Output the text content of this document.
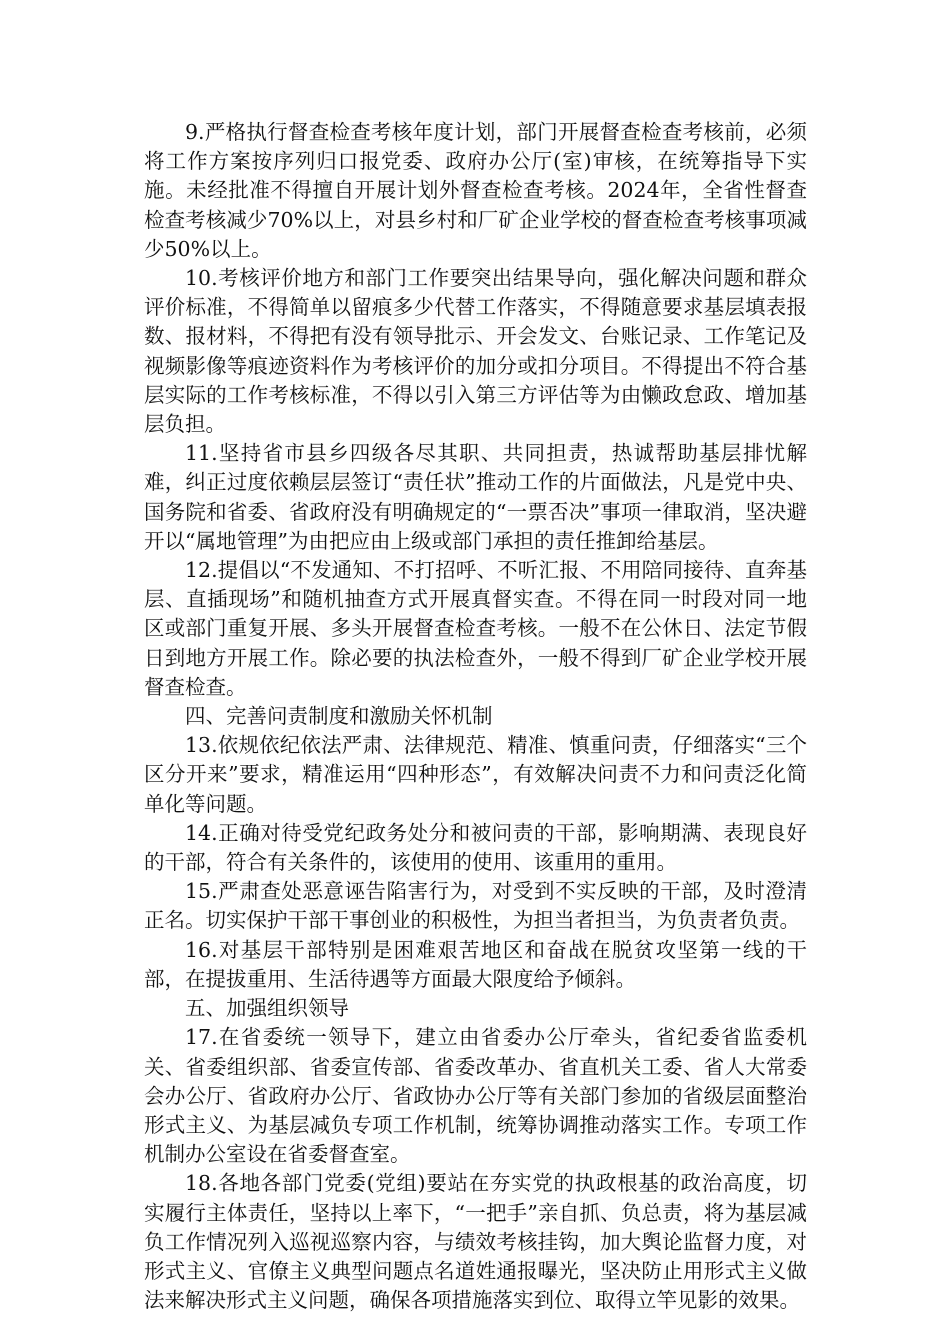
9.严格执行督查检查考核年度计划，部门开展督查检查考核前，必须将工作方案按序列归口报党委、政府办公厅(室)审核，在统筹指导下实施。未经批准不得擅自开展计划外督查检查考核。2024年，全省性督查检查考核减少70%以上，对县乡村和厂矿企业学校的督查检查考核事项减少50%以上。

10.考核评价地方和部门工作要突出结果导向，强化解决问题和群众评价标准，不得简单以留痕多少代替工作落实，不得随意要求基层填表报数、报材料，不得把有没有领导批示、开会发文、台账记录、工作笔记及视频影像等痕迹资料作为考核评价的加分或扣分项目。不得提出不符合基层实际的工作考核标准，不得以引入第三方评估等为由懒政怠政、增加基层负担。

11.坚持省市县乡四级各尽其职、共同担责，热诚帮助基层排忧解难，纠正过度依赖层层签订“责任状”推动工作的片面做法，凡是党中央、国务院和省委、省政府没有明确规定的“一票否决”事项一律取消，坚决避开以“属地管理”为由把应由上级或部门承担的责任推卸给基层。

12.提倡以“不发通知、不打招呼、不听汇报、不用陪同接待、直奔基层、直插现场”和随机抽查方式开展真督实查。不得在同一时段对同一地区或部门重复开展、多头开展督查检查考核。一般不在公休日、法定节假日到地方开展工作。除必要的执法检查外，一般不得到厂矿企业学校开展督查检查。

四、完善问责制度和激励关怀机制

13.依规依纪依法严肃、法律规范、精准、慎重问责，仔细落实“三个区分开来”要求，精准运用“四种形态”，有效解决问责不力和问责泛化简单化等问题。

14.正确对待受党纪政务处分和被问责的干部，影响期满、表现良好的干部，符合有关条件的，该使用的使用、该重用的重用。

15.严肃查处恶意诬告陷害行为，对受到不实反映的干部，及时澄清正名。切实保护干部干事创业的积极性，为担当者担当，为负责者负责。

16.对基层干部特别是困难艰苦地区和奋战在脱贫攻坚第一线的干部，在提拔重用、生活待遇等方面最大限度给予倾斜。

五、加强组织领导

17.在省委统一领导下，建立由省委办公厅牵头，省纪委省监委机关、省委组织部、省委宣传部、省委改革办、省直机关工委、省人大常委会办公厅、省政府办公厅、省政协办公厅等有关部门参加的省级层面整治形式主义、为基层减负专项工作机制，统筹协调推动落实工作。专项工作机制办公室设在省委督查室。

18.各地各部门党委(党组)要站在夯实党的执政根基的政治高度，切实履行主体责任，坚持以上率下，“一把手”亲自抓、负总责，将为基层减负工作情况列入巡视巡察内容，与绩效考核挂钩，加大舆论监督力度，对形式主义、官僚主义典型问题点名道姓通报曝光，坚决防止用形式主义做法来解决形式主义问题，确保各项措施落实到位、取得立竿见影的效果。
